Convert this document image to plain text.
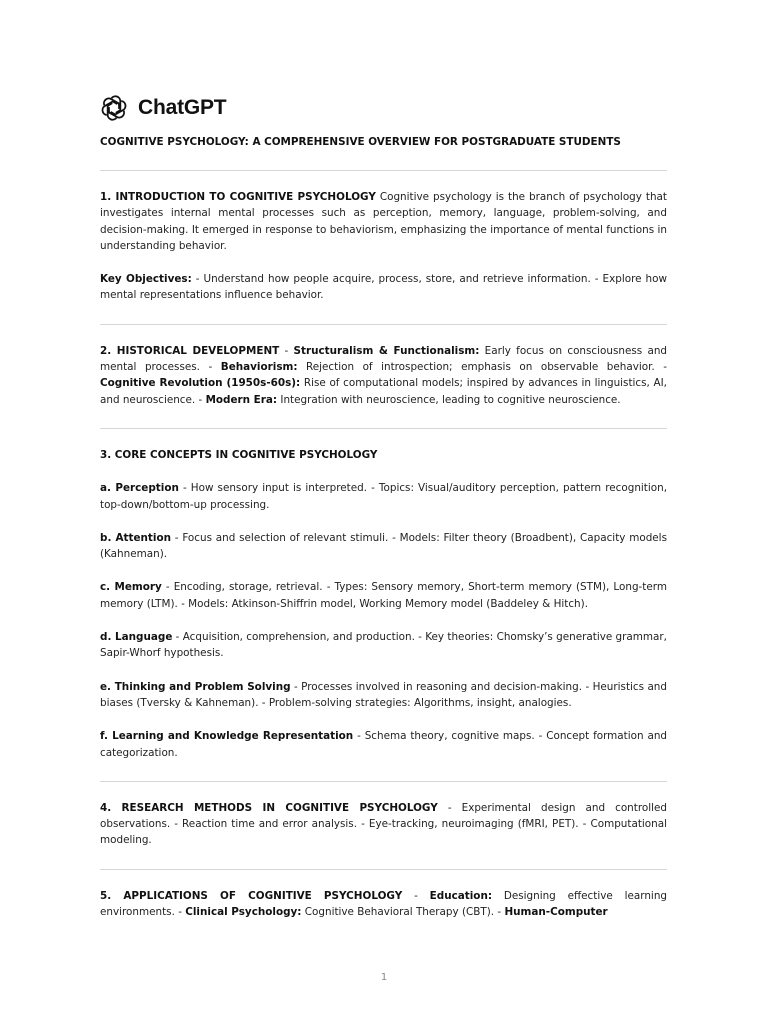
ChatGPT
COGNITIVE PSYCHOLOGY: A COMPREHENSIVE OVERVIEW FOR POSTGRADUATE STUDENTS

1. INTRODUCTION TO COGNITIVE PSYCHOLOGY Cognitive psychology is the branch of psychology that investigates internal mental processes such as perception, memory, language, problem-solving, and decision-making. It emerged in response to behaviorism, emphasizing the importance of mental functions in understanding behavior.

Key Objectives: - Understand how people acquire, process, store, and retrieve information. - Explore how mental representations influence behavior.

2. HISTORICAL DEVELOPMENT - Structuralism & Functionalism: Early focus on consciousness and mental processes. - Behaviorism: Rejection of introspection; emphasis on observable behavior. - Cognitive Revolution (1950s-60s): Rise of computational models; inspired by advances in linguistics, AI, and neuroscience. - Modern Era: Integration with neuroscience, leading to cognitive neuroscience.

3. CORE CONCEPTS IN COGNITIVE PSYCHOLOGY

a. Perception - How sensory input is interpreted. - Topics: Visual/auditory perception, pattern recognition, top-down/bottom-up processing.

b. Attention - Focus and selection of relevant stimuli. - Models: Filter theory (Broadbent), Capacity models (Kahneman).

c. Memory - Encoding, storage, retrieval. - Types: Sensory memory, Short-term memory (STM), Long-term memory (LTM). - Models: Atkinson-Shiffrin model, Working Memory model (Baddeley & Hitch).

d. Language - Acquisition, comprehension, and production. - Key theories: Chomsky’s generative grammar, Sapir-Whorf hypothesis.

e. Thinking and Problem Solving - Processes involved in reasoning and decision-making. - Heuristics and biases (Tversky & Kahneman). - Problem-solving strategies: Algorithms, insight, analogies.

f. Learning and Knowledge Representation - Schema theory, cognitive maps. - Concept formation and categorization.

4. RESEARCH METHODS IN COGNITIVE PSYCHOLOGY - Experimental design and controlled observations. - Reaction time and error analysis. - Eye-tracking, neuroimaging (fMRI, PET). - Computational modeling.

5. APPLICATIONS OF COGNITIVE PSYCHOLOGY - Education: Designing effective learning environments. - Clinical Psychology: Cognitive Behavioral Therapy (CBT). - Human-Computer

1
